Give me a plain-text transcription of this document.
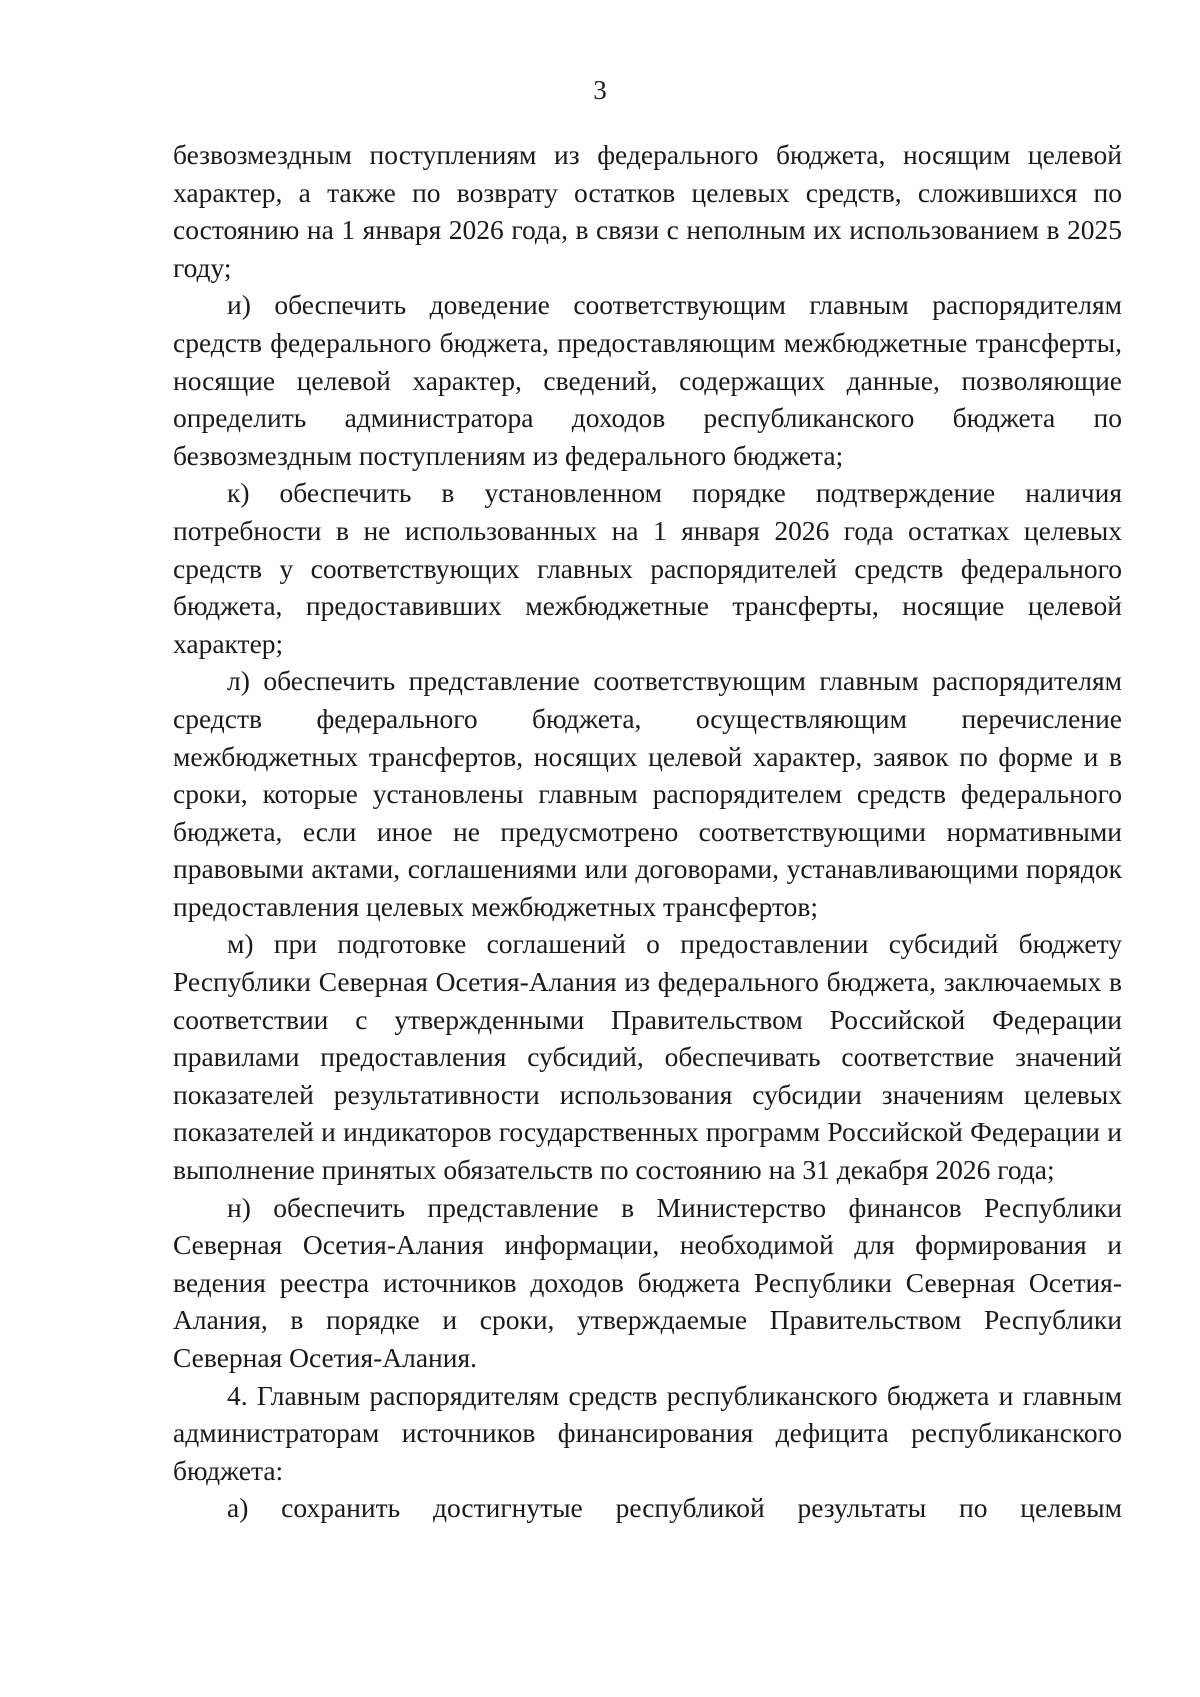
3

безвозмездным поступлениям из федерального бюджета, носящим целевой характер, а также по возврату остатков целевых средств, сложившихся по состоянию на 1 января 2026 года, в связи с неполным их использованием в 2025 году;

и) обеспечить доведение соответствующим главным распорядителям средств федерального бюджета, предоставляющим межбюджетные трансферты, носящие целевой характер, сведений, содержащих данные, позволяющие определить администратора доходов республиканского бюджета по безвозмездным поступлениям из федерального бюджета;

к) обеспечить в установленном порядке подтверждение наличия потребности в не использованных на 1 января 2026 года остатках целевых средств у соответствующих главных распорядителей средств федерального бюджета, предоставивших межбюджетные трансферты, носящие целевой характер;

л) обеспечить представление соответствующим главным распорядителям средств федерального бюджета, осуществляющим перечисление межбюджетных трансфертов, носящих целевой характер, заявок по форме и в сроки, которые установлены главным распорядителем средств федерального бюджета, если иное не предусмотрено соответствующими нормативными правовыми актами, соглашениями или договорами, устанавливающими порядок предоставления целевых межбюджетных трансфертов;

м) при подготовке соглашений о предоставлении субсидий бюджету Республики Северная Осетия-Алания из федерального бюджета, заключаемых в соответствии с утвержденными Правительством Российской Федерации правилами предоставления субсидий, обеспечивать соответствие значений показателей результативности использования субсидии значениям целевых показателей и индикаторов государственных программ Российской Федерации и выполнение принятых обязательств по состоянию на 31 декабря 2026 года;

н) обеспечить представление в Министерство финансов Республики Северная Осетия-Алания информации, необходимой для формирования и ведения реестра источников доходов бюджета Республики Северная Осетия-Алания, в порядке и сроки, утверждаемые Правительством Республики Северная Осетия-Алания.

4. Главным распорядителям средств республиканского бюджета и главным администраторам источников финансирования дефицита республиканского бюджета:

а) сохранить достигнутые республикой результаты по целевым
